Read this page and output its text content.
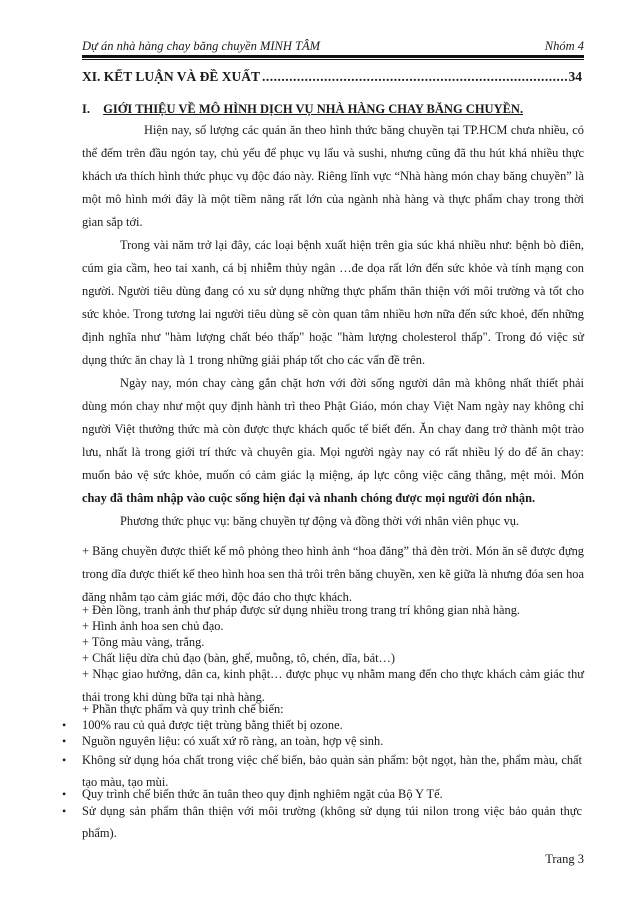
Dự án nhà hàng chay băng chuyền MINH TÂM	Nhóm 4
XI. KẾT LUẬN VÀ ĐỀ XUẤT
.....	34
I. GIỚI THIỆU VỀ MÔ HÌNH DỊCH VỤ NHÀ HÀNG CHAY BĂNG CHUYỀN.

Hiện nay, số lượng các quán ăn theo hình thức băng chuyền tại TP.HCM chưa nhiều, có thể đếm trên đầu ngón tay, chủ yếu để phục vụ lẩu và sushi, nhưng cũng đã thu hút khá nhiều thực khách ưa thích hình thức phục vụ độc đáo này. Riêng lĩnh vực “Nhà hàng món chay băng chuyền” là một mô hình mới đây là một tiềm năng rất lớn của ngành nhà hàng và thực phẩm chay trong thời gian sắp tới.

Trong vài năm trở lại đây, các loại bệnh xuất hiện trên gia súc khá nhiều như: bệnh bò điên, cúm gia cầm, heo tai xanh, cá bị nhiễm thủy ngân …đe dọa rất lớn đến sức khỏe và tính mạng con người. Người tiêu dùng đang có xu sử dụng những thực phẩm thân thiện với môi trường và tốt cho sức khỏe. Trong tương lai người tiêu dùng sẽ còn quan tâm nhiều hơn nữa đến sức khoẻ, đến những định nghĩa như "hàm lượng chất béo thấp" hoặc "hàm lượng cholesterol thấp". Trong đó việc sử dụng thức ăn chay là 1 trong những giải pháp tốt cho các vấn đề trên.

Ngày nay, món chay càng gắn chặt hơn với đời sống người dân mà không nhất thiết phải dùng món chay như một quy định hành trì theo Phật Giáo, món chay Việt Nam ngày nay không chỉ người Việt thưởng thức mà còn được thực khách quốc tế biết đến. Ăn chay đang trở thành một trào lưu, nhất là trong giới trí thức và chuyên gia. Mọi người ngày nay có rất nhiều lý do để ăn chay: muốn bảo vệ sức khỏe, muốn có cảm giác lạ miệng, áp lực công việc căng thẳng, mệt mỏi. Món chay đã thâm nhập vào cuộc sống hiện đại và nhanh chóng được mọi người đón nhận.

Phương thức phục vụ: băng chuyền tự động và đồng thời với nhân viên phục vụ.

+ Băng chuyền được thiết kế mô phỏng theo hình ảnh “hoa đăng” thả đèn trời. Món ăn sẽ được đựng trong dĩa được thiết kế theo hình hoa sen thả trôi trên băng chuyền, xen kẽ giữa là nhưng đóa sen hoa đăng nhằm tạo cảm giác mới, độc đáo cho thực khách.
+ Đèn lồng, tranh ảnh thư pháp được sử dụng nhiều trong trang trí không gian nhà hàng.
+ Hình ảnh hoa sen chủ đạo.
+ Tông màu vàng, trắng.
+ Chất liệu dừa chủ đạo (bàn, ghế, muỗng, tô, chén, dĩa, bát…)
+ Nhạc giao hưởng, dân ca, kinh phật… được phục vụ nhằm mang đến cho thực khách cảm giác thư thái trong khi dùng bữa tại nhà hàng.
+ Phần thực phẩm và quy trình chế biến:
• 100% rau củ quả được tiệt trùng bằng thiết bị ozone.
• Nguồn nguyên liệu: có xuất xứ rõ ràng, an toàn, hợp vệ sinh.
• Không sử dụng hóa chất trong việc chế biến, bảo quản sản phẩm: bột ngọt, hàn the, phẩm màu, chất tạo màu, tạo mùi.
• Quy trình chế biến thức ăn tuân theo quy định nghiêm ngặt của Bộ Y Tế.
• Sử dụng sản phẩm thân thiện với môi trường (không sử dụng túi nilon trong việc bảo quản thực phẩm).
Trang 3
